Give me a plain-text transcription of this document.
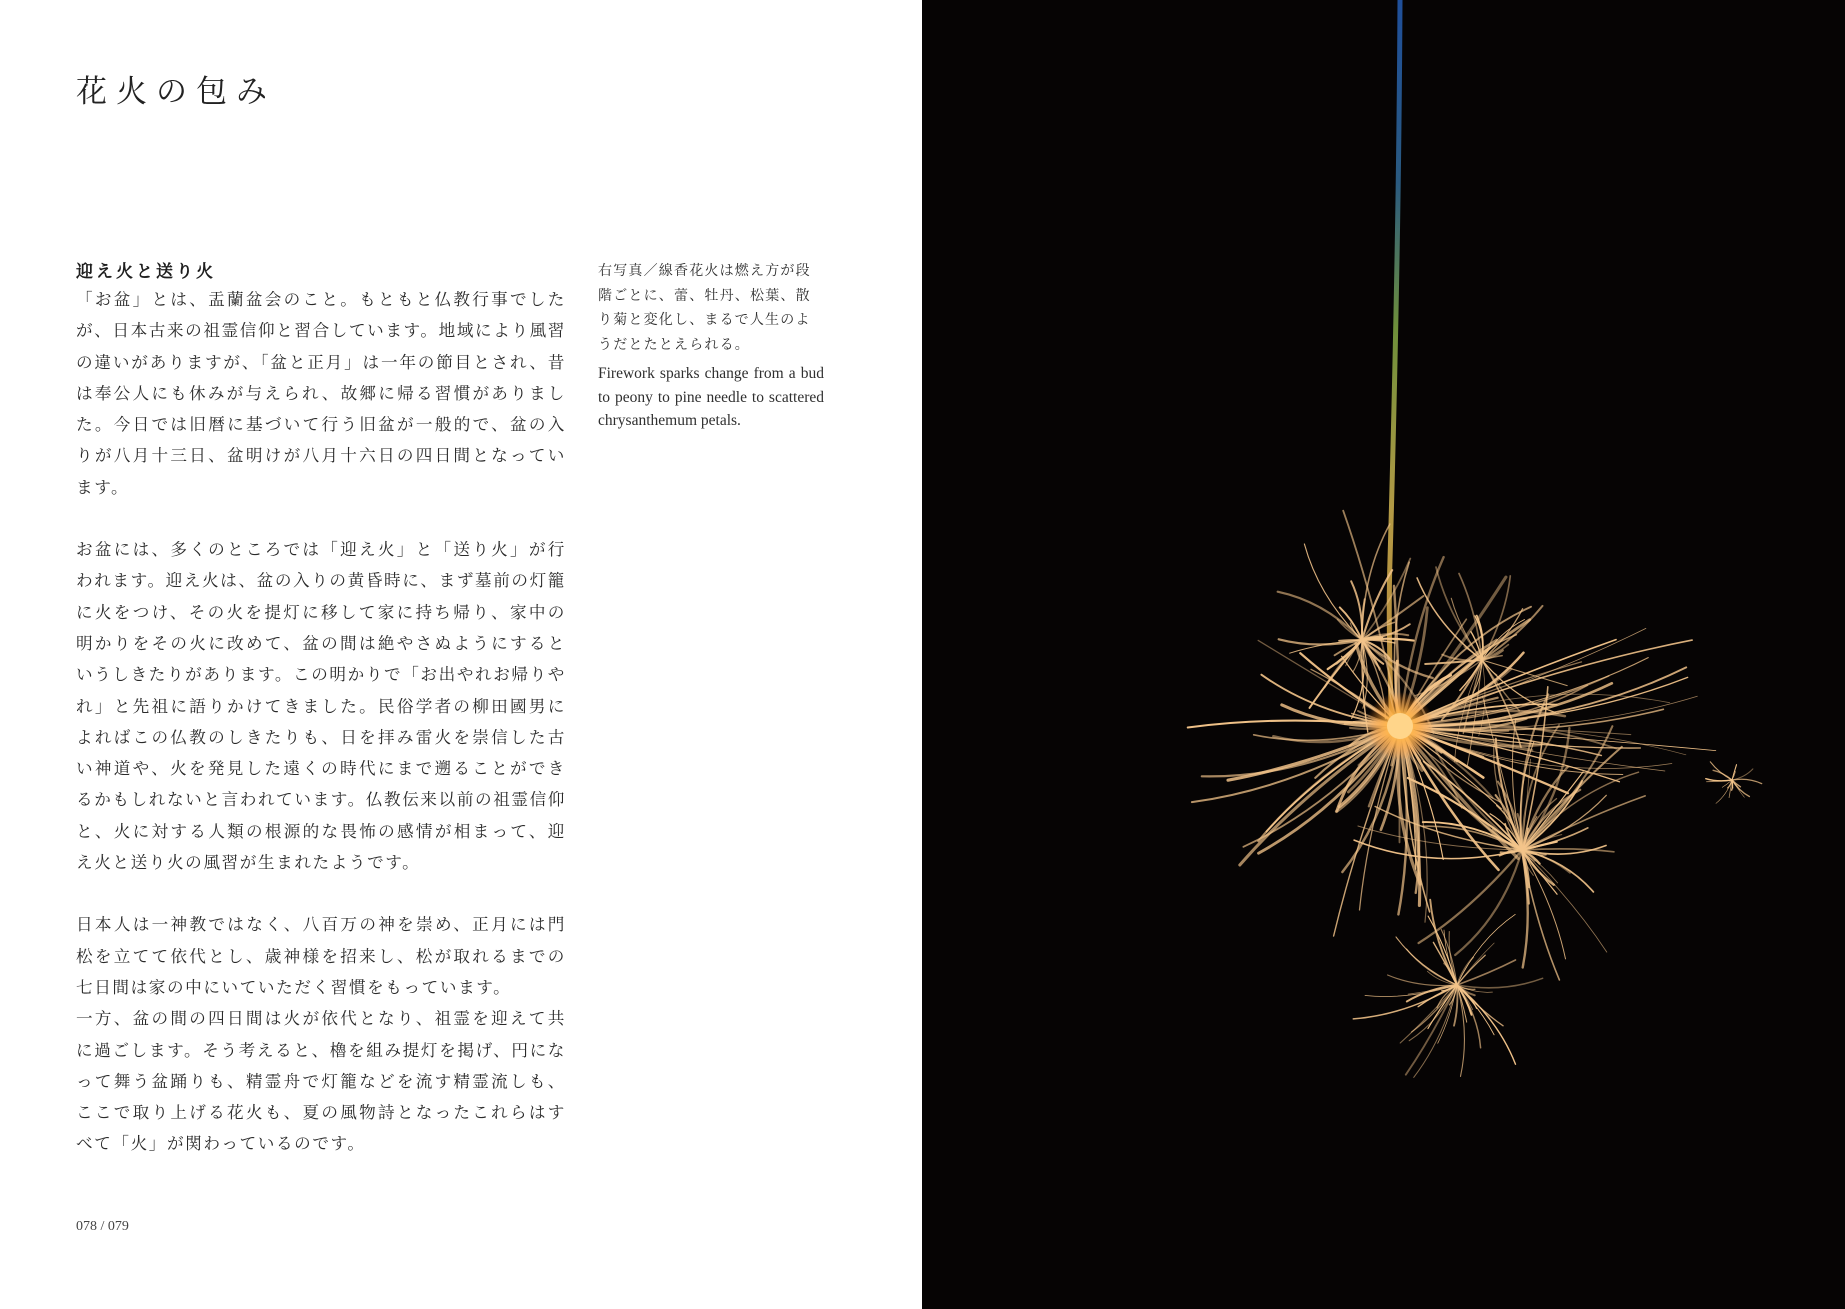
花火の包み
迎え火と送り火

「お盆」とは、盂蘭盆会のこと。もともと仏教行事でしたが、日本古来の祖霊信仰と習合しています。地域により風習の違いがありますが、「盆と正月」は一年の節目とされ、昔は奉公人にも休みが与えられ、故郷に帰る習慣がありました。今日では旧暦に基づいて行う旧盆が一般的で、盆の入りが八月十三日、盆明けが八月十六日の四日間となっています。

お盆には、多くのところでは「迎え火」と「送り火」が行われます。迎え火は、盆の入りの黄昏時に、まず墓前の灯籠に火をつけ、その火を提灯に移して家に持ち帰り、家中の明かりをその火に改めて、盆の間は絶やさぬようにするというしきたりがあります。この明かりで「お出やれお帰りやれ」と先祖に語りかけてきました。民俗学者の柳田國男によればこの仏教のしきたりも、日を拝み雷火を崇信した古い神道や、火を発見した遠くの時代にまで遡ることができるかもしれないと言われています。仏教伝来以前の祖霊信仰と、火に対する人類の根源的な畏怖の感情が相まって、迎え火と送り火の風習が生まれたようです。

日本人は一神教ではなく、八百万の神を崇め、正月には門松を立てて依代とし、歳神様を招来し、松が取れるまでの七日間は家の中にいていただく習慣をもっています。
一方、盆の間の四日間は火が依代となり、祖霊を迎えて共に過ごします。そう考えると、櫓を組み提灯を掲げ、円になって舞う盆踊りも、精霊舟で灯籠などを流す精霊流しも、ここで取り上げる花火も、夏の風物詩となったこれらはすべて「火」が関わっているのです。

右写真／線香花火は燃え方が段階ごとに、蕾、牡丹、松葉、散り菊と変化し、まるで人生のようだとたとえられる。

Firework sparks change from a bud to peony to pine needle to scattered chrysanthemum petals.

078 / 079
